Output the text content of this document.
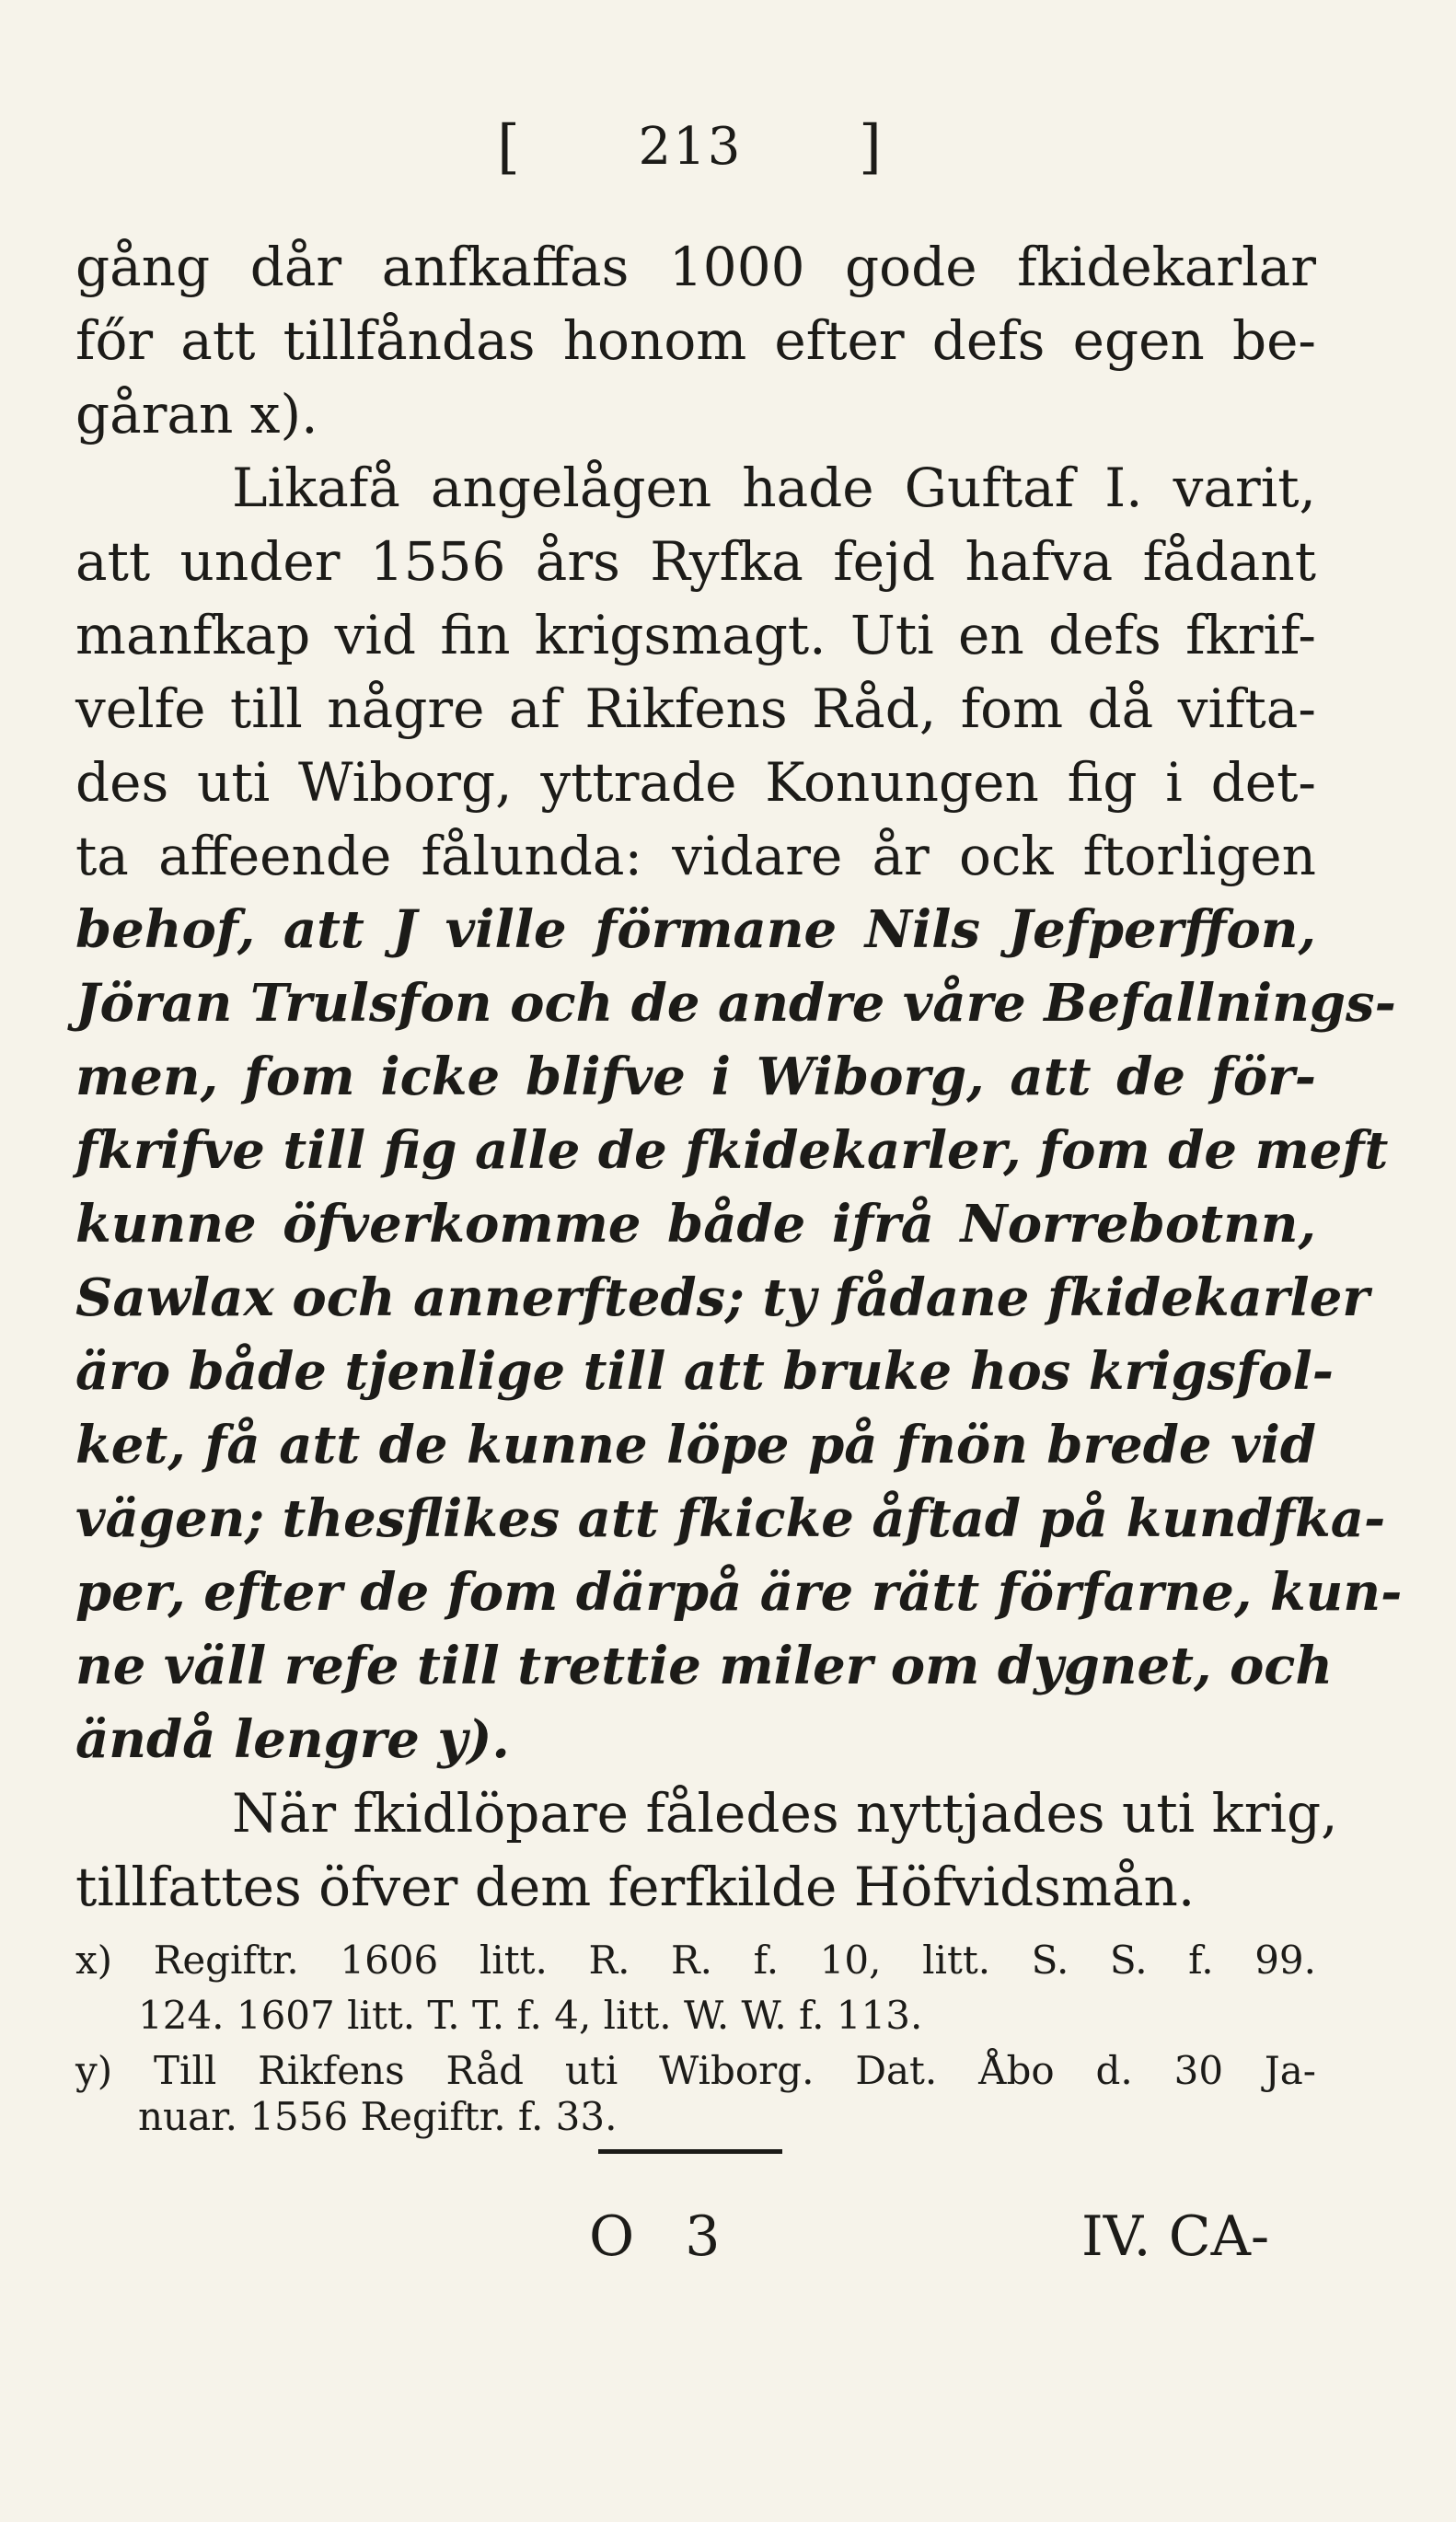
[ 213 ]
gång dår anfkaffas 1000 gode fkidekarlar
főr att tillfåndas honom efter defs egen be-
gåran x).
Likafå angelågen hade Guftaf I. varit,
att under 1556 års Ryfka fejd hafva fådant
manfkap vid fin krigsmagt. Uti en defs fkrif-
velfe till någre af Rikfens Råd, fom då vifta-
des uti Wiborg, yttrade Konungen fig i det-
ta affeende fålunda: vidare år ock ftorligen
behof, att J ville förmane Nils Jefperffon,
Jöran Trulsfon och de andre våre Befallnings-
men, fom icke blifve i Wiborg, att de för-
fkrifve till fig alle de fkidekarler, fom de meft
kunne öfverkomme både ifrå Norrebotnn,
Sawlax och annerfteds; ty fådane fkidekarler
äro både tjenlige till att bruke hos krigsfol-
ket, få att de kunne löpe på fnön brede vid
vägen; thesflikes att fkicke åftad på kundfka-
per, efter de fom därpå äre rätt förfarne, kun-
ne väll refe till trettie miler om dygnet, och
ändå lengre y).
När fkidlöpare fåledes nyttjades uti krig,
tillfattes öfver dem ferfkilde Höfvidsmån.
x) Regiftr. 1606 litt. R. R. f. 10, litt. S. S. f. 99.
124. 1607 litt. T. T. f. 4, litt. W. W. f. 113.
y) Till Rikfens Råd uti Wiborg. Dat. Åbo d. 30 Ja-
nuar. 1556 Regiftr. f. 33.
O 3	IV. CA-
